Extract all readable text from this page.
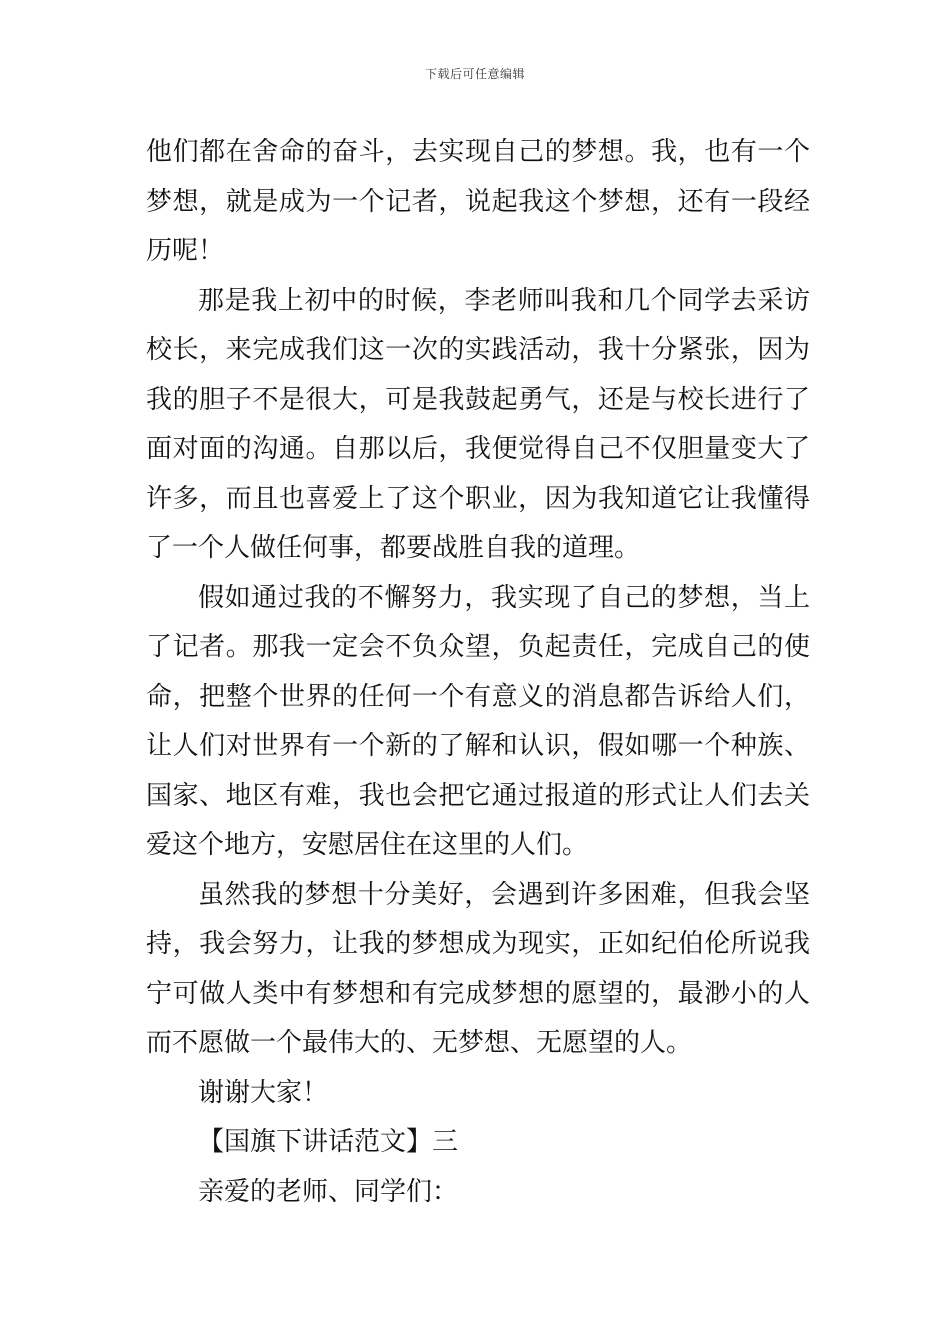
下载后可任意编辑

他们都在舍命的奋斗，去实现自己的梦想。我，也有一个梦想，就是成为一个记者，说起我这个梦想，还有一段经历呢！

那是我上初中的时候，李老师叫我和几个同学去采访校长，来完成我们这一次的实践活动，我十分紧张，因为我的胆子不是很大，可是我鼓起勇气，还是与校长进行了面对面的沟通。自那以后，我便觉得自己不仅胆量变大了许多，而且也喜爱上了这个职业，因为我知道它让我懂得了一个人做任何事，都要战胜自我的道理。

假如通过我的不懈努力，我实现了自己的梦想，当上了记者。那我一定会不负众望，负起责任，完成自己的使命，把整个世界的任何一个有意义的消息都告诉给人们，让人们对世界有一个新的了解和认识，假如哪一个种族、国家、地区有难，我也会把它通过报道的形式让人们去关爱这个地方，安慰居住在这里的人们。

虽然我的梦想十分美好，会遇到许多困难，但我会坚持，我会努力，让我的梦想成为现实，正如纪伯伦所说我宁可做人类中有梦想和有完成梦想的愿望的，最渺小的人而不愿做一个最伟大的、无梦想、无愿望的人。

谢谢大家！

【国旗下讲话范文】三

亲爱的老师、同学们：
